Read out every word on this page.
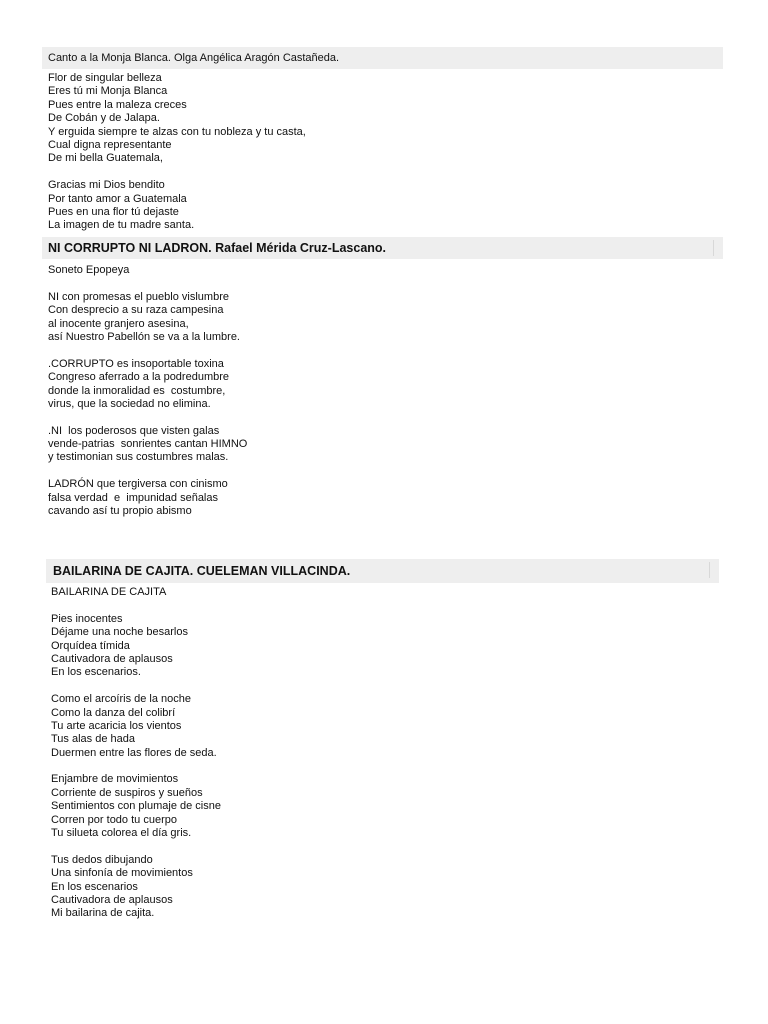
Canto a la Monja Blanca. Olga Angélica Aragón Castañeda.
Flor de singular belleza
Eres tú mi Monja Blanca
Pues entre la maleza creces
De Cobán y de Jalapa.
Y erguida siempre te alzas con tu nobleza y tu casta,
Cual digna representante
De mi bella Guatemala,
Gracias mi Dios bendito
Por tanto amor a Guatemala
Pues en una flor tú dejaste
La imagen de tu madre santa.
NI CORRUPTO NI LADRON. Rafael Mérida Cruz-Lascano.
Soneto Epopeya
NI con promesas el pueblo vislumbre
Con desprecio a su raza campesina
al inocente granjero asesina,
así Nuestro Pabellón se va a la lumbre.
.CORRUPTO es insoportable toxina
Congreso aferrado a la podredumbre
donde la inmoralidad es  costumbre,
virus, que la sociedad no elimina.
.NI  los poderosos que visten galas
vende-patrias  sonrientes cantan HIMNO
y testimonian sus costumbres malas.
LADRÓN que tergiversa con cinismo
falsa verdad  e  impunidad señalas
cavando así tu propio abismo
BAILARINA DE CAJITA. CUELEMAN VILLACINDA.
BAILARINA DE CAJITA
Pies inocentes
Déjame una noche besarlos
Orquídea tímida
Cautivadora de aplausos
En los escenarios.
Como el arcoíris de la noche
Como la danza del colibrí
Tu arte acaricia los vientos
Tus alas de hada
Duermen entre las flores de seda.
Enjambre de movimientos
Corriente de suspiros y sueños
Sentimientos con plumaje de cisne
Corren por todo tu cuerpo
Tu silueta colorea el día gris.
Tus dedos dibujando
Una sinfonía de movimientos
En los escenarios
Cautivadora de aplausos
Mi bailarina de cajita.
